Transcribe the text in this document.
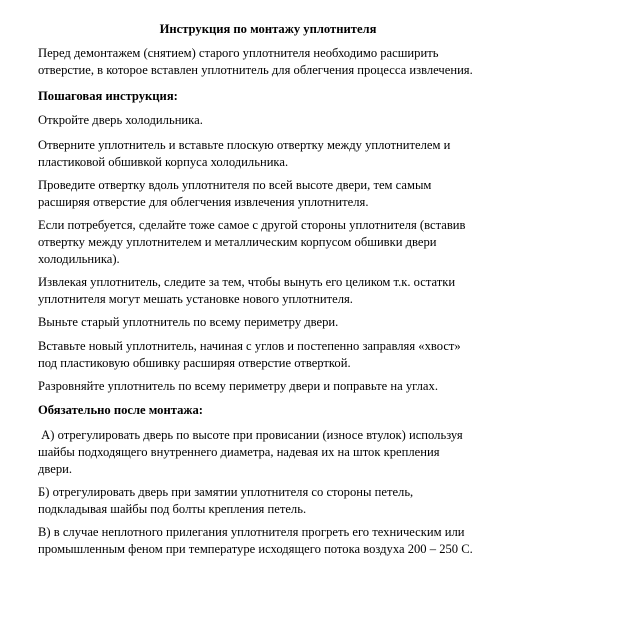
Инструкция по монтажу уплотнителя

Перед демонтажем (снятием) старого уплотнителя необходимо расширить
отверстие, в которое вставлен уплотнитель для облегчения процесса извлечения.

Пошаговая инструкция:

Откройте дверь холодильника.

Отверните уплотнитель и вставьте плоскую отвертку между уплотнителем и
пластиковой обшивкой корпуса холодильника.

Проведите отвертку вдоль уплотнителя по всей высоте двери, тем самым
расширяя отверстие для облегчения извлечения уплотнителя.

Если потребуется, сделайте тоже самое с другой стороны уплотнителя (вставив
отвертку между уплотнителем и металлическим корпусом обшивки двери
холодильника).

Извлекая уплотнитель, следите за тем, чтобы вынуть его целиком т.к. остатки
уплотнителя могут мешать установке нового уплотнителя.

Выньте старый уплотнитель по всему периметру двери.

Вставьте новый уплотнитель, начиная с углов и постепенно заправляя «хвост»
под пластиковую обшивку расширяя отверстие отверткой.

Разровняйте уплотнитель по всему периметру двери и поправьте на углах.

Обязательно после монтажа:

А) отрегулировать дверь по высоте при провисании (износе втулок) используя
шайбы подходящего внутреннего диаметра, надевая их на шток крепления
двери.

Б) отрегулировать дверь при замятии уплотнителя со стороны петель,
подкладывая шайбы под болты крепления петель.

В) в случае неплотного прилегания уплотнителя прогреть его техническим или
промышленным феном при температуре исходящего потока воздуха 200 – 250 С.
